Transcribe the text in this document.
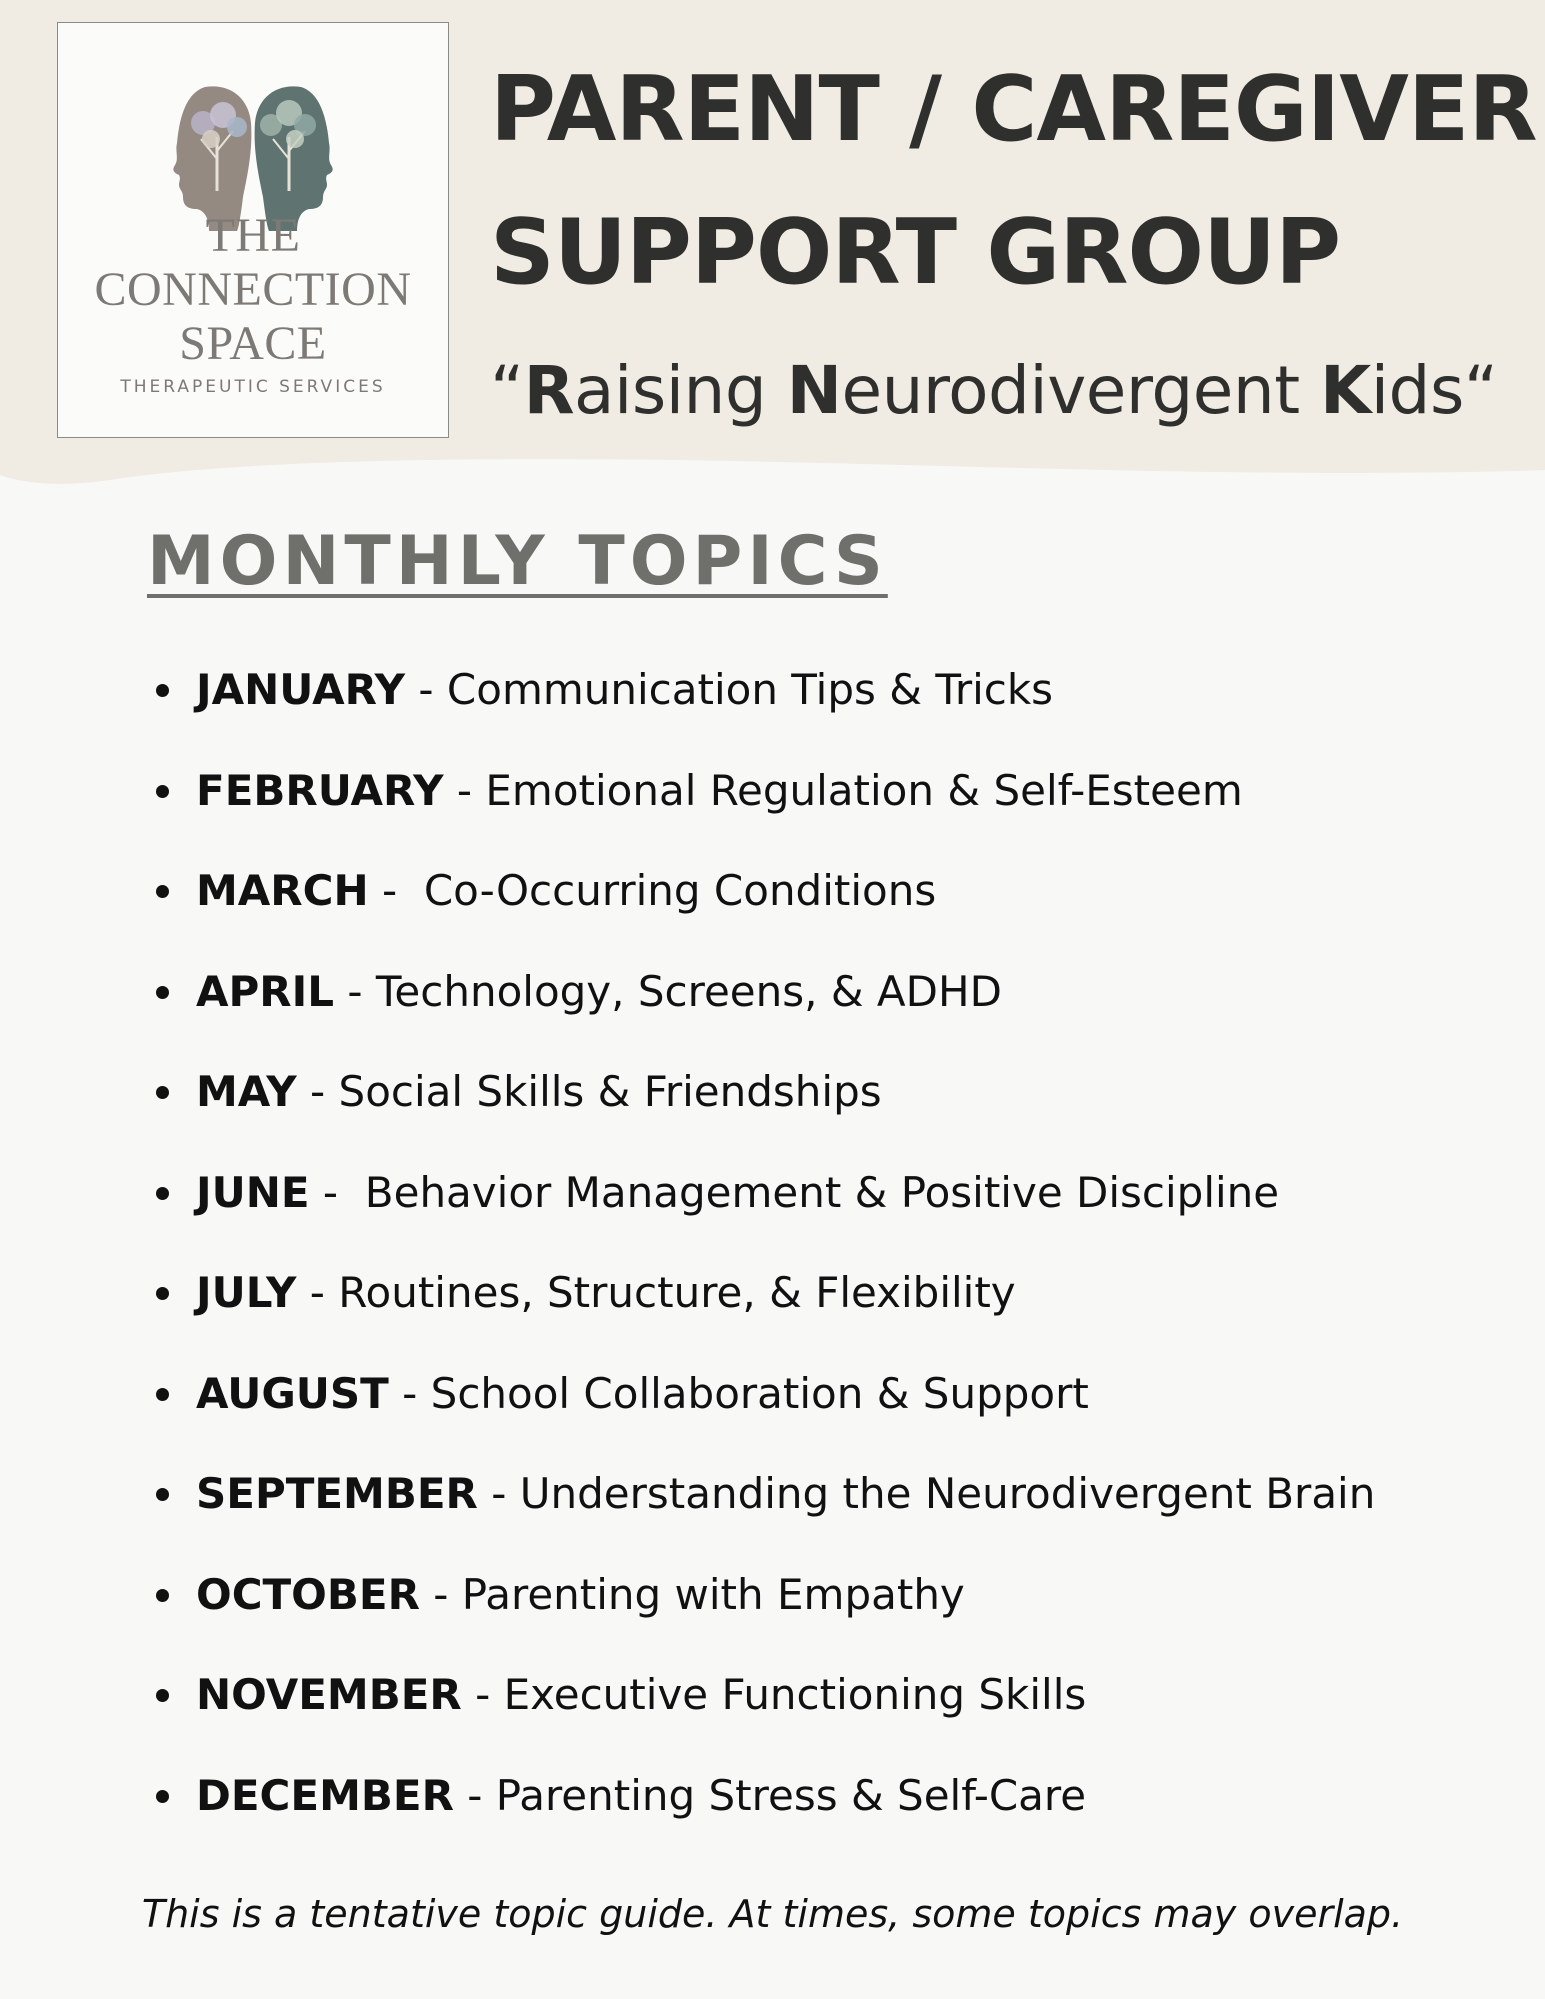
THE
CONNECTION
SPACE
THERAPEUTIC SERVICES
PARENT / CAREGIVER
SUPPORT GROUP
“Raising Neurodivergent Kids“
MONTHLY TOPICS
JANUARY - Communication Tips & Tricks
FEBRUARY - Emotional Regulation & Self-Esteem
MARCH -  Co-Occurring Conditions
APRIL - Technology, Screens, & ADHD
MAY - Social Skills & Friendships
JUNE -  Behavior Management & Positive Discipline
JULY - Routines, Structure, & Flexibility
AUGUST - School Collaboration & Support
SEPTEMBER - Understanding the Neurodivergent Brain
OCTOBER - Parenting with Empathy
NOVEMBER - Executive Functioning Skills
DECEMBER - Parenting Stress & Self-Care
This is a tentative topic guide. At times, some topics may overlap.
